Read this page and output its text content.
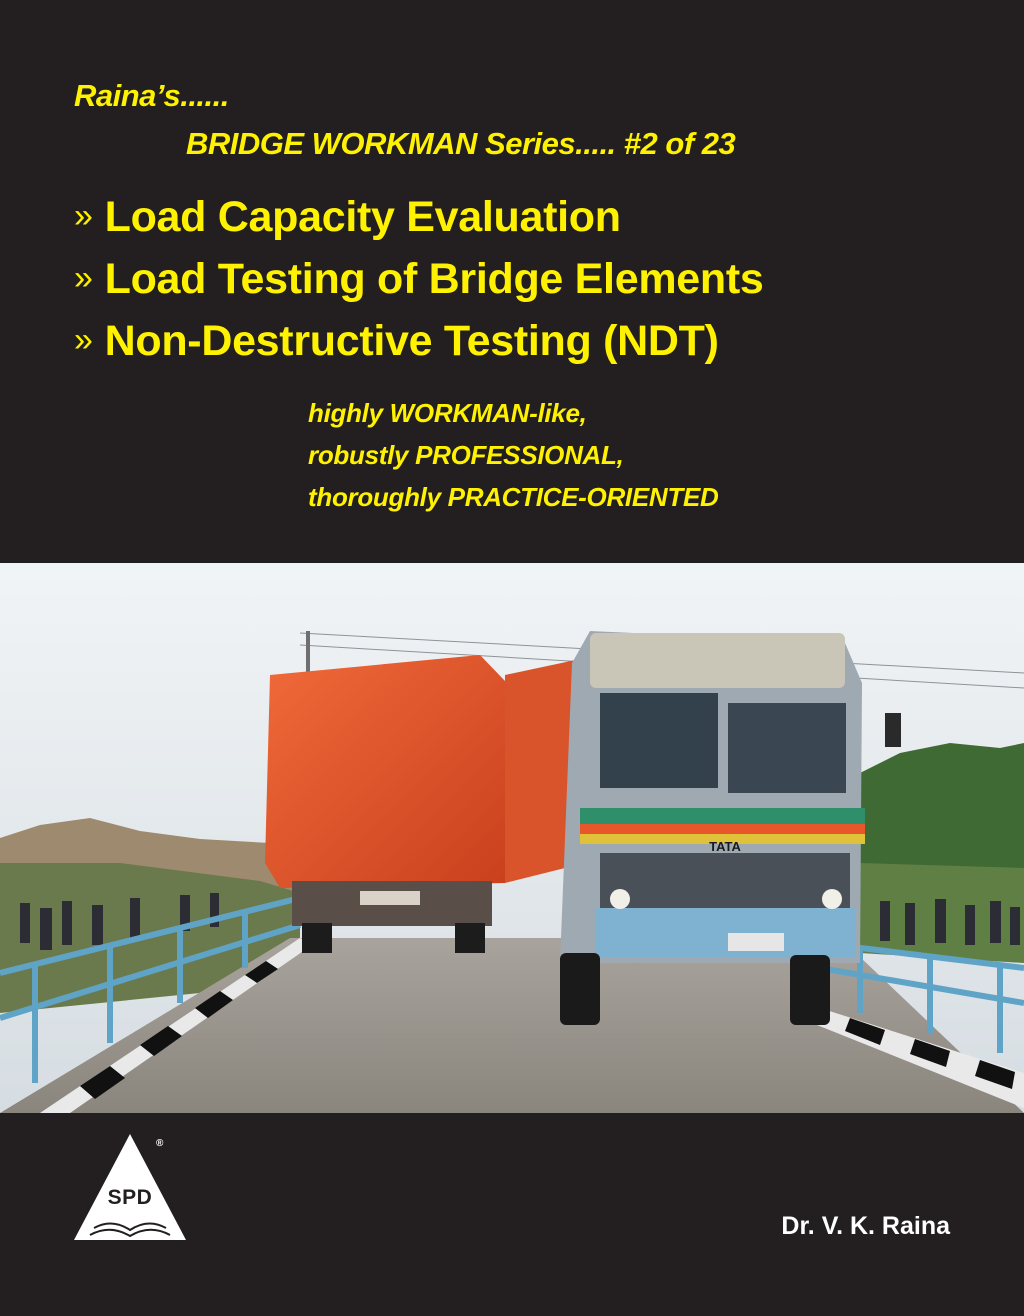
Raina’s......
BRIDGE WORKMAN Series..... #2 of 23
» Load Capacity Evaluation
» Load Testing of Bridge Elements
» Non-Destructive Testing (NDT)
highly WORKMAN-like,
robustly PROFESSIONAL,
thoroughly PRACTICE-ORIENTED
TATA
®
SPD
Dr. V. K. Raina
